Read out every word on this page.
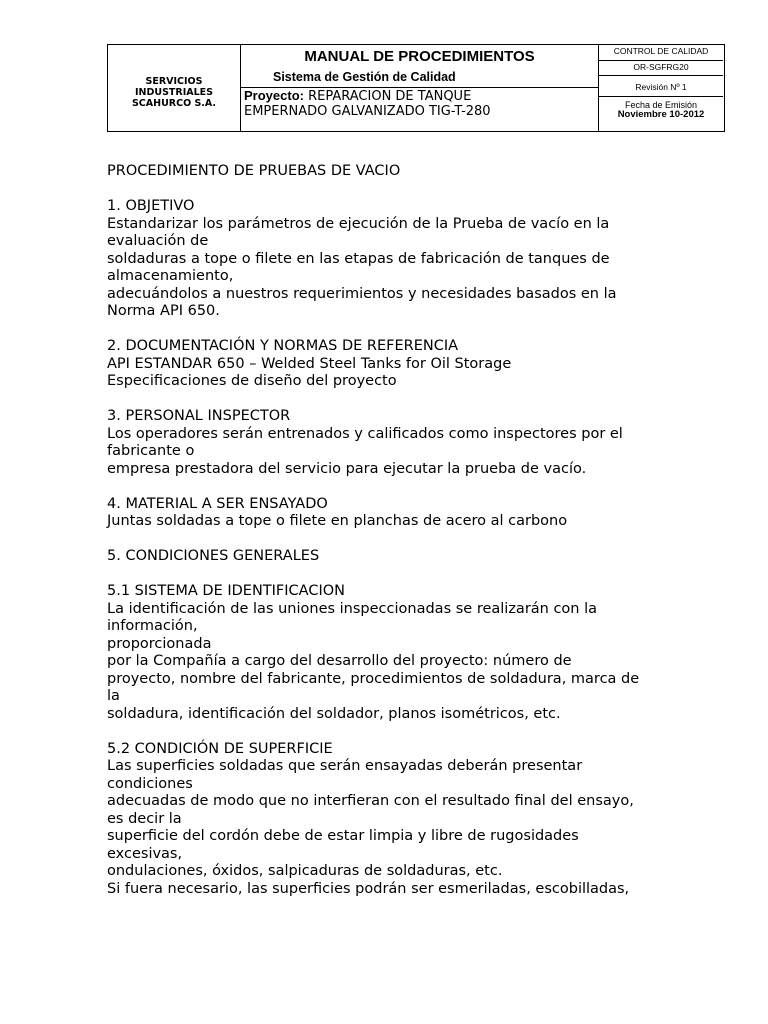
SERVICIOS
INDUSTRIALES
SCAHURCO S.A.
MANUAL DE PROCEDIMIENTOS
Sistema de Gestión de Calidad
Proyecto: REPARACION DE TANQUE
EMPERNADO GALVANIZADO TIG-T-280
CONTROL DE CALIDAD
OR-SGFRG20
Revisión Nº 1
Fecha de Emisión
Noviembre 10-2012

PROCEDIMIENTO DE PRUEBAS DE VACIO

1. OBJETIVO

Estandarizar los parámetros de ejecución de la Prueba de vacío en la

evaluación de

soldaduras a tope o filete en las etapas de fabricación de tanques de

almacenamiento,

adecuándolos a nuestros requerimientos y necesidades basados en la

Norma API 650.

2. DOCUMENTACIÓN Y NORMAS DE REFERENCIA

API ESTANDAR 650 – Welded Steel Tanks for Oil Storage

Especificaciones de diseño del proyecto

3. PERSONAL INSPECTOR

Los operadores serán entrenados y calificados como inspectores por el

fabricante o

empresa prestadora del servicio para ejecutar la prueba de vacío.

4. MATERIAL A SER ENSAYADO

Juntas soldadas a tope o filete en planchas de acero al carbono

5. CONDICIONES GENERALES

5.1 SISTEMA DE IDENTIFICACION

La identificación de las uniones inspeccionadas se realizarán con la

información,

proporcionada

por la Compañía a cargo del desarrollo del proyecto: número de

proyecto, nombre del fabricante, procedimientos de soldadura, marca de

la

soldadura, identificación del soldador, planos isométricos, etc.

5.2 CONDICIÓN DE SUPERFICIE

Las superficies soldadas que serán ensayadas deberán presentar

condiciones

adecuadas de modo que no interfieran con el resultado final del ensayo,

es decir la

superficie del cordón debe de estar limpia y libre de rugosidades

excesivas,

ondulaciones, óxidos, salpicaduras de soldaduras, etc.

Si fuera necesario, las superficies podrán ser esmeriladas, escobilladas,
